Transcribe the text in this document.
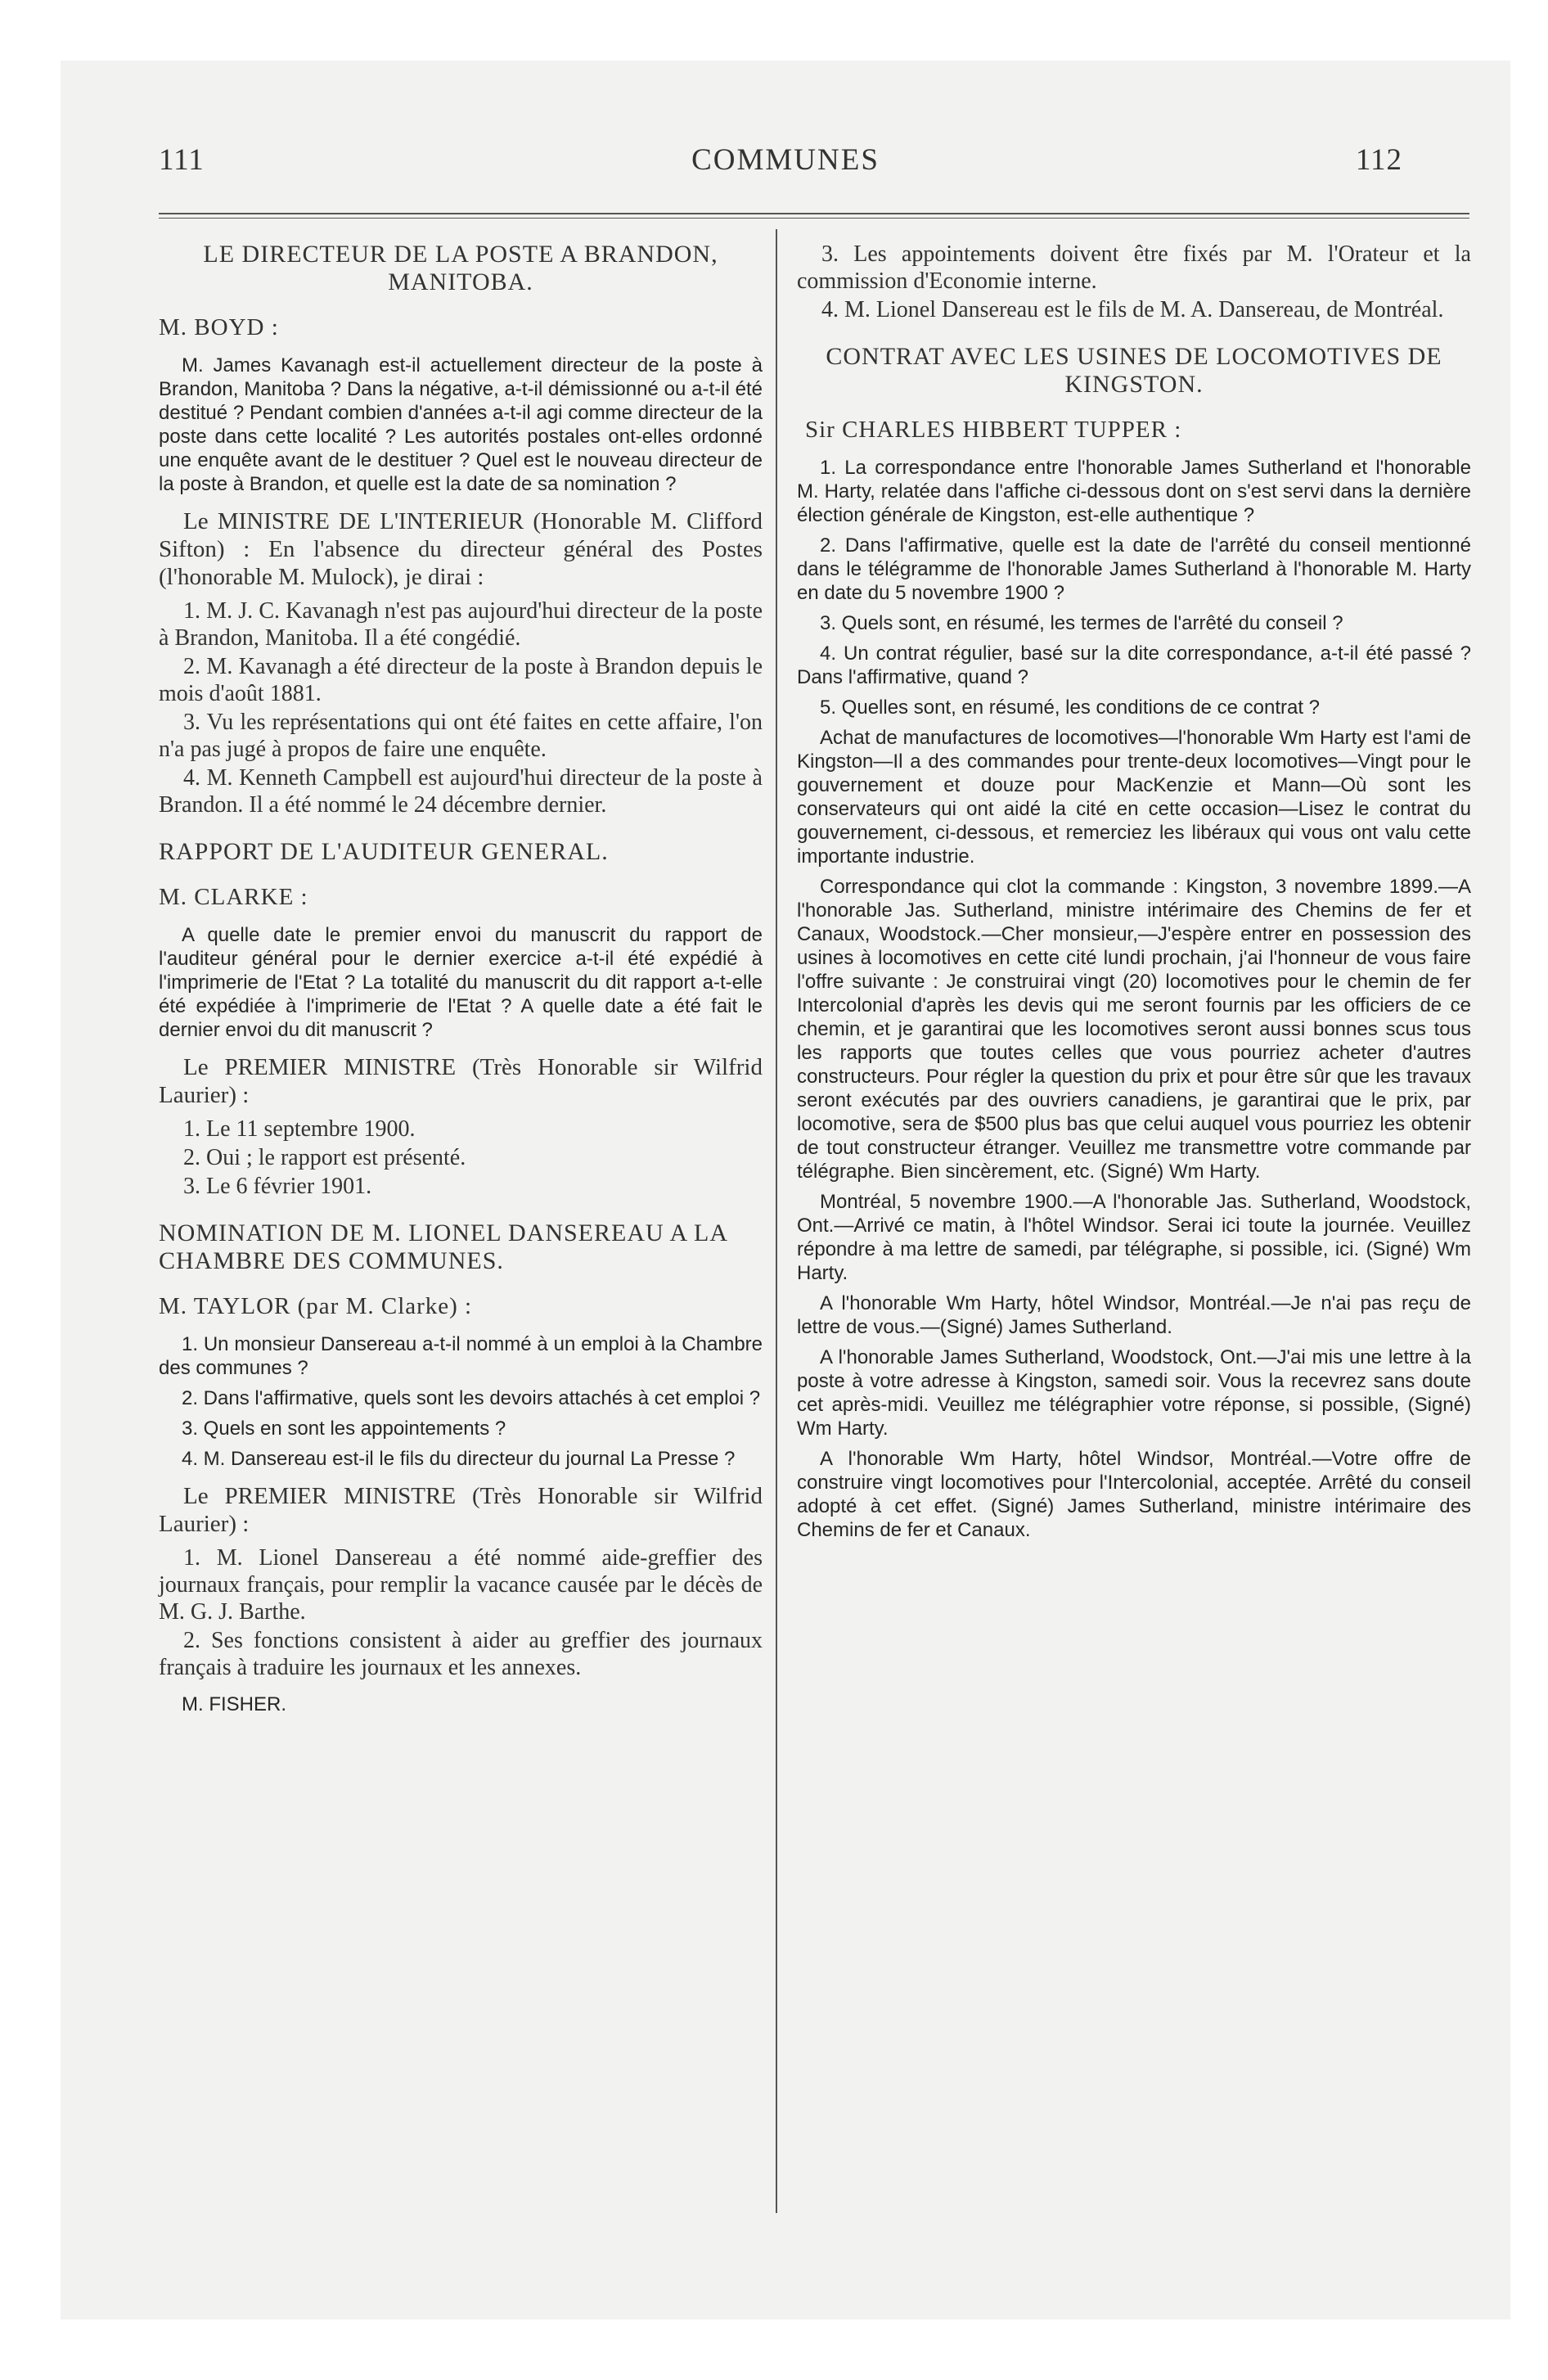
111	COMMUNES	112
LE DIRECTEUR DE LA POSTE A BRANDON, MANITOBA.
M. BOYD :
M. James Kavanagh est-il actuellement directeur de la poste à Brandon, Manitoba ? Dans la négative, a-t-il démissionné ou a-t-il été destitué ? Pendant combien d'années a-t-il agi comme directeur de la poste dans cette localité ? Les autorités postales ont-elles ordonné une enquête avant de le destituer ? Quel est le nouveau directeur de la poste à Brandon, et quelle est la date de sa nomination ?
Le MINISTRE DE L'INTERIEUR (Honorable M. Clifford Sifton) : En l'absence du directeur général des Postes (l'honorable M. Mulock), je dirai :
1. M. J. C. Kavanagh n'est pas aujourd'hui directeur de la poste à Brandon, Manitoba. Il a été congédié.
2. M. Kavanagh a été directeur de la poste à Brandon depuis le mois d'août 1881.
3. Vu les représentations qui ont été faites en cette affaire, l'on n'a pas jugé à propos de faire une enquête.
4. M. Kenneth Campbell est aujourd'hui directeur de la poste à Brandon. Il a été nommé le 24 décembre dernier.
RAPPORT DE L'AUDITEUR GENERAL.
M. CLARKE :
A quelle date le premier envoi du manuscrit du rapport de l'auditeur général pour le dernier exercice a-t-il été expédié à l'imprimerie de l'Etat ? La totalité du manuscrit du dit rapport a-t-elle été expédiée à l'imprimerie de l'Etat ? A quelle date a été fait le dernier envoi du dit manuscrit ?
Le PREMIER MINISTRE (Très Honorable sir Wilfrid Laurier) :
1. Le 11 septembre 1900.
2. Oui ; le rapport est présenté.
3. Le 6 février 1901.
NOMINATION DE M. LIONEL DANSEREAU A LA CHAMBRE DES COMMUNES.
M. TAYLOR (par M. Clarke) :
1. Un monsieur Dansereau a-t-il nommé à un emploi à la Chambre des communes ?
2. Dans l'affirmative, quels sont les devoirs attachés à cet emploi ?
3. Quels en sont les appointements ?
4. M. Dansereau est-il le fils du directeur du journal La Presse ?
Le PREMIER MINISTRE (Très Honorable sir Wilfrid Laurier) :
1. M. Lionel Dansereau a été nommé aide-greffier des journaux français, pour remplir la vacance causée par le décès de M. G. J. Barthe.
2. Ses fonctions consistent à aider au greffier des journaux français à traduire les journaux et les annexes.
M. FISHER.
3. Les appointements doivent être fixés par M. l'Orateur et la commission d'Economie interne.
4. M. Lionel Dansereau est le fils de M. A. Dansereau, de Montréal.
CONTRAT AVEC LES USINES DE LOCOMOTIVES DE KINGSTON.
Sir CHARLES HIBBERT TUPPER :
1. La correspondance entre l'honorable James Sutherland et l'honorable M. Harty, relatée dans l'affiche ci-dessous dont on s'est servi dans la dernière élection générale de Kingston, est-elle authentique ?
2. Dans l'affirmative, quelle est la date de l'arrêté du conseil mentionné dans le télégramme de l'honorable James Sutherland à l'honorable M. Harty en date du 5 novembre 1900 ?
3. Quels sont, en résumé, les termes de l'arrêté du conseil ?
4. Un contrat régulier, basé sur la dite correspondance, a-t-il été passé ? Dans l'affirmative, quand ?
5. Quelles sont, en résumé, les conditions de ce contrat ?
Achat de manufactures de locomotives—l'honorable Wm Harty est l'ami de Kingston—Il a des commandes pour trente-deux locomotives—Vingt pour le gouvernement et douze pour MacKenzie et Mann—Où sont les conservateurs qui ont aidé la cité en cette occasion—Lisez le contrat du gouvernement, ci-dessous, et remerciez les libéraux qui vous ont valu cette importante industrie.
Correspondance qui clot la commande : Kingston, 3 novembre 1899.—A l'honorable Jas. Sutherland, ministre intérimaire des Chemins de fer et Canaux, Woodstock.—Cher monsieur,—J'espère entrer en possession des usines à locomotives en cette cité lundi prochain, j'ai l'honneur de vous faire l'offre suivante : Je construirai vingt (20) locomotives pour le chemin de fer Intercolonial d'après les devis qui me seront fournis par les officiers de ce chemin, et je garantirai que les locomotives seront aussi bonnes scus tous les rapports que toutes celles que vous pourriez acheter d'autres constructeurs. Pour régler la question du prix et pour être sûr que les travaux seront exécutés par des ouvriers canadiens, je garantirai que le prix, par locomotive, sera de $500 plus bas que celui auquel vous pourriez les obtenir de tout constructeur étranger. Veuillez me transmettre votre commande par télégraphe. Bien sincèrement, etc. (Signé) Wm Harty.
Montréal, 5 novembre 1900.—A l'honorable Jas. Sutherland, Woodstock, Ont.—Arrivé ce matin, à l'hôtel Windsor. Serai ici toute la journée. Veuillez répondre à ma lettre de samedi, par télégraphe, si possible, ici. (Signé) Wm Harty.
A l'honorable Wm Harty, hôtel Windsor, Montréal.—Je n'ai pas reçu de lettre de vous.—(Signé) James Sutherland.
A l'honorable James Sutherland, Woodstock, Ont.—J'ai mis une lettre à la poste à votre adresse à Kingston, samedi soir. Vous la recevrez sans doute cet après-midi. Veuillez me télégraphier votre réponse, si possible, (Signé) Wm Harty.
A l'honorable Wm Harty, hôtel Windsor, Montréal.—Votre offre de construire vingt locomotives pour l'Intercolonial, acceptée. Arrêté du conseil adopté à cet effet. (Signé) James Sutherland, ministre intérimaire des Chemins de fer et Canaux.
